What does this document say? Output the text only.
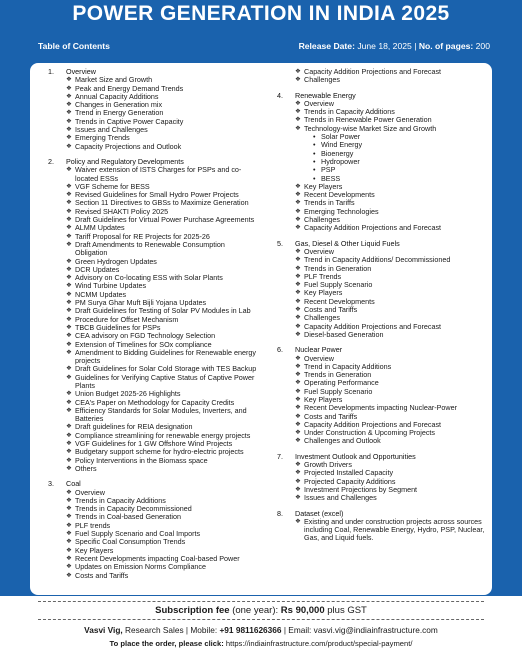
POWER GENERATION IN INDIA 2025
Table of Contents	Release Date: June 18, 2025 | No. of pages: 200
1.	Overview
❖ Market Size and Growth
❖ Peak and Energy Demand Trends
❖ Annual Capacity Additions
❖ Changes in Generation mix
❖ Trend in Energy Generation
❖ Trends in Captive Power Capacity
❖ Issues and Challenges
❖ Emerging Trends
❖ Capacity Projections and Outlook
2.	Policy and Regulatory Developments
❖ Waiver extension of ISTS Charges for PSPs and co-located ESSs
❖ VGF Scheme for BESS
❖ Revised Guidelines for Small Hydro Power Projects
❖ Section 11 Directives to GBSs to Maximize Generation
❖ Revised SHAKTI Policy 2025
❖ Draft Guidelines for Virtual Power Purchase Agreements
❖ ALMM Updates
❖ Tariff Proposal for RE Projects for 2025-26
❖ Draft Amendments to Renewable Consumption Obligation
❖ Green Hydrogen Updates
❖ DCR Updates
❖ Advisory on Co-locating ESS with Solar Plants
❖ Wind Turbine Updates
❖ NCMM Updates
❖ PM Surya Ghar Muft Bijli Yojana Updates
❖ Draft Guidelines for Testing of Solar PV Modules in Lab
❖ Procedure for Offset Mechanism
❖ TBCB Guidelines for PSPs
❖ CEA advisory on FGD Technology Selection
❖ Extension of Timelines for SOx compliance
❖ Amendment to Bidding Guidelines for Renewable energy projects
❖ Draft Guidelines for Solar Cold Storage with TES Backup
❖ Guidelines for Verifying Captive Status of Captive Power Plants
❖ Union Budget 2025-26 Highlights
❖ CEA's Paper on Methodology for Capacity Credits
❖ Efficiency Standards for Solar Modules, Inverters, and Batteries
❖ Draft guidelines for REIA designation
❖ Compliance streamlining for renewable energy projects
❖ VGF Guidelines for 1 GW Offshore Wind Projects
❖ Budgetary support scheme for hydro-electric projects
❖ Policy Interventions in the Biomass space
❖ Others
3.	Coal
❖ Overview
❖ Trends in Capacity Additions
❖ Trends in Capacity Decommissioned
❖ Trends in Coal-based Generation
❖ PLF trends
❖ Fuel Supply Scenario and Coal Imports
❖ Specific Coal Consumption Trends
❖ Key Players
❖ Recent Developments impacting Coal-based Power
❖ Updates on Emission Norms Compliance
❖ Costs and Tariffs
❖ Capacity Addition Projections and Forecast
❖ Challenges
4.	Renewable Energy
❖ Overview
❖ Trends in Capacity Additions
❖ Trends in Renewable Power Generation
❖ Technology-wise Market Size and Growth
• Solar Power
• Wind Energy
• Bioenergy
• Hydropower
• PSP
• BESS
❖ Key Players
❖ Recent Developments
❖ Trends in Tariffs
❖ Emerging Technologies
❖ Challenges
❖ Capacity Addition Projections and Forecast
5.	Gas, Diesel & Other Liquid Fuels
❖ Overview
❖ Trend in Capacity Additions/ Decommissioned
❖ Trends in Generation
❖ PLF Trends
❖ Fuel Supply Scenario
❖ Key Players
❖ Recent Developments
❖ Costs and Tariffs
❖ Challenges
❖ Capacity Addition Projections and Forecast
❖ Diesel-based Generation
6.	Nuclear Power
❖ Overview
❖ Trend in Capacity Additions
❖ Trends in Generation
❖ Operating Performance
❖ Fuel Supply Scenario
❖ Key Players
❖ Recent Developments impacting Nuclear-Power
❖ Costs and Tariffs
❖ Capacity Addition Projections and Forecast
❖ Under Construction & Upcoming Projects
❖ Challenges and Outlook
7.	Investment Outlook and Opportunities
❖ Growth Drivers
❖ Projected Installed Capacity
❖ Projected Capacity Additions
❖ Investment Projections by Segment
❖ Issues and Challenges
8.	Dataset (excel)
❖ Existing and under construction projects across sources including Coal, Renewable Energy, Hydro, PSP, Nuclear, Gas, and Liquid fuels.
Subscription fee (one year): Rs 90,000 plus GST
Vasvi Vig, Research Sales | Mobile: +91 9811626366 | Email: vasvi.vig@indiainfrastructure.com
To place the order, please click: https://indiainfrastructure.com/product/special-payment/
